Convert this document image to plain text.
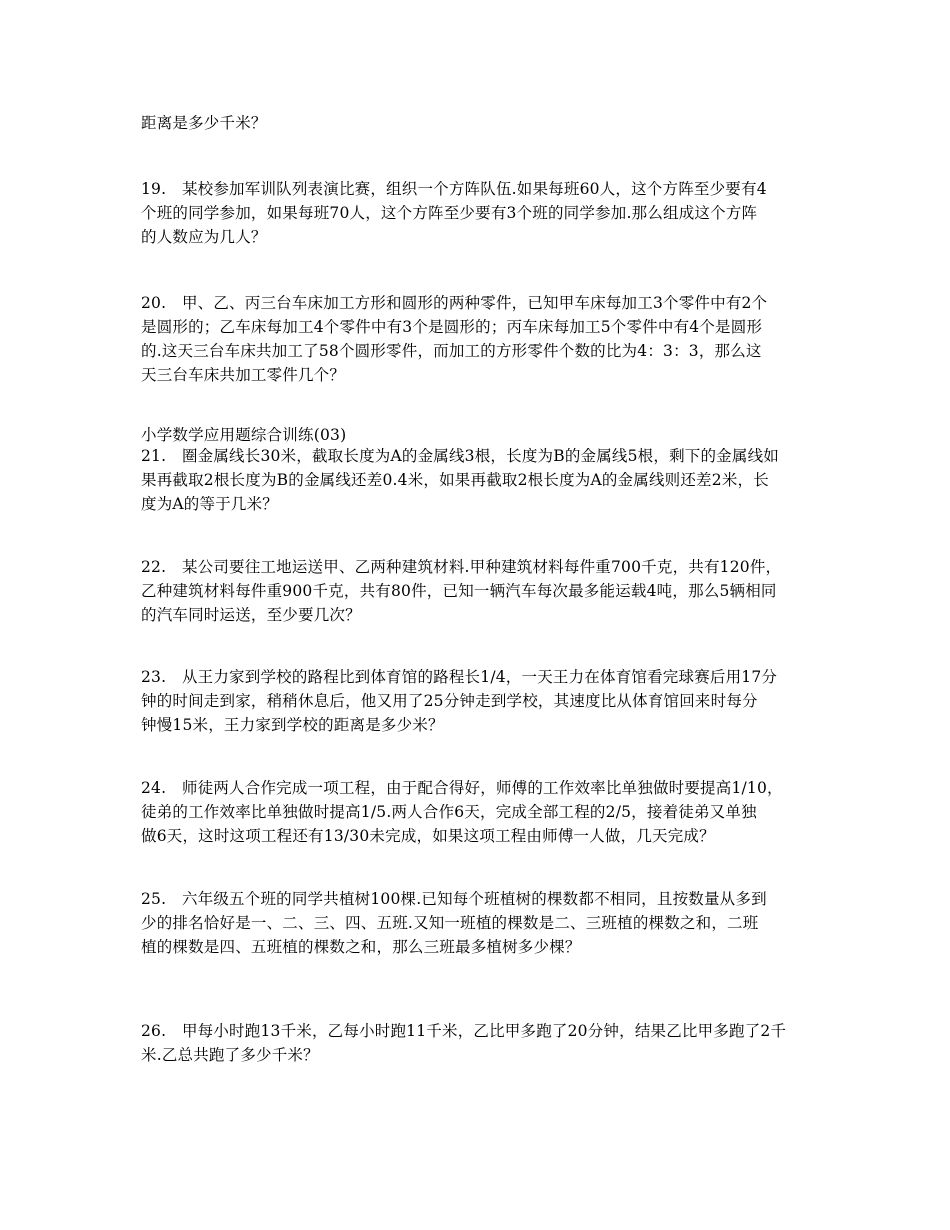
距离是多少千米？
19.　某校参加军训队列表演比赛，组织一个方阵队伍.如果每班60人，这个方阵至少要有4
个班的同学参加，如果每班70人，这个方阵至少要有3个班的同学参加.那么组成这个方阵
的人数应为几人？
20.　甲、乙、丙三台车床加工方形和圆形的两种零件，已知甲车床每加工3个零件中有2个
是圆形的；乙车床每加工4个零件中有3个是圆形的；丙车床每加工5个零件中有4个是圆形
的.这天三台车床共加工了58个圆形零件，而加工的方形零件个数的比为4：3：3，那么这
天三台车床共加工零件几个？
小学数学应用题综合训练(03)
21.　圈金属线长30米，截取长度为A的金属线3根，长度为B的金属线5根，剩下的金属线如
果再截取2根长度为B的金属线还差0.4米，如果再截取2根长度为A的金属线则还差2米，长
度为A的等于几米？
22.　某公司要往工地运送甲、乙两种建筑材料.甲种建筑材料每件重700千克，共有120件，
乙种建筑材料每件重900千克，共有80件，已知一辆汽车每次最多能运载4吨，那么5辆相同
的汽车同时运送，至少要几次？
23.　从王力家到学校的路程比到体育馆的路程长1/4，一天王力在体育馆看完球赛后用17分
钟的时间走到家，稍稍休息后，他又用了25分钟走到学校，其速度比从体育馆回来时每分
钟慢15米，王力家到学校的距离是多少米？
24.　师徒两人合作完成一项工程，由于配合得好，师傅的工作效率比单独做时要提高1/10，
徒弟的工作效率比单独做时提高1/5.两人合作6天，完成全部工程的2/5，接着徒弟又单独
做6天，这时这项工程还有13/30未完成，如果这项工程由师傅一人做，几天完成？
25.　六年级五个班的同学共植树100棵.已知每个班植树的棵数都不相同，且按数量从多到
少的排名恰好是一、二、三、四、五班.又知一班植的棵数是二、三班植的棵数之和，二班
植的棵数是四、五班植的棵数之和，那么三班最多植树多少棵？
26.　甲每小时跑13千米，乙每小时跑11千米，乙比甲多跑了20分钟，结果乙比甲多跑了2千
米.乙总共跑了多少千米？
